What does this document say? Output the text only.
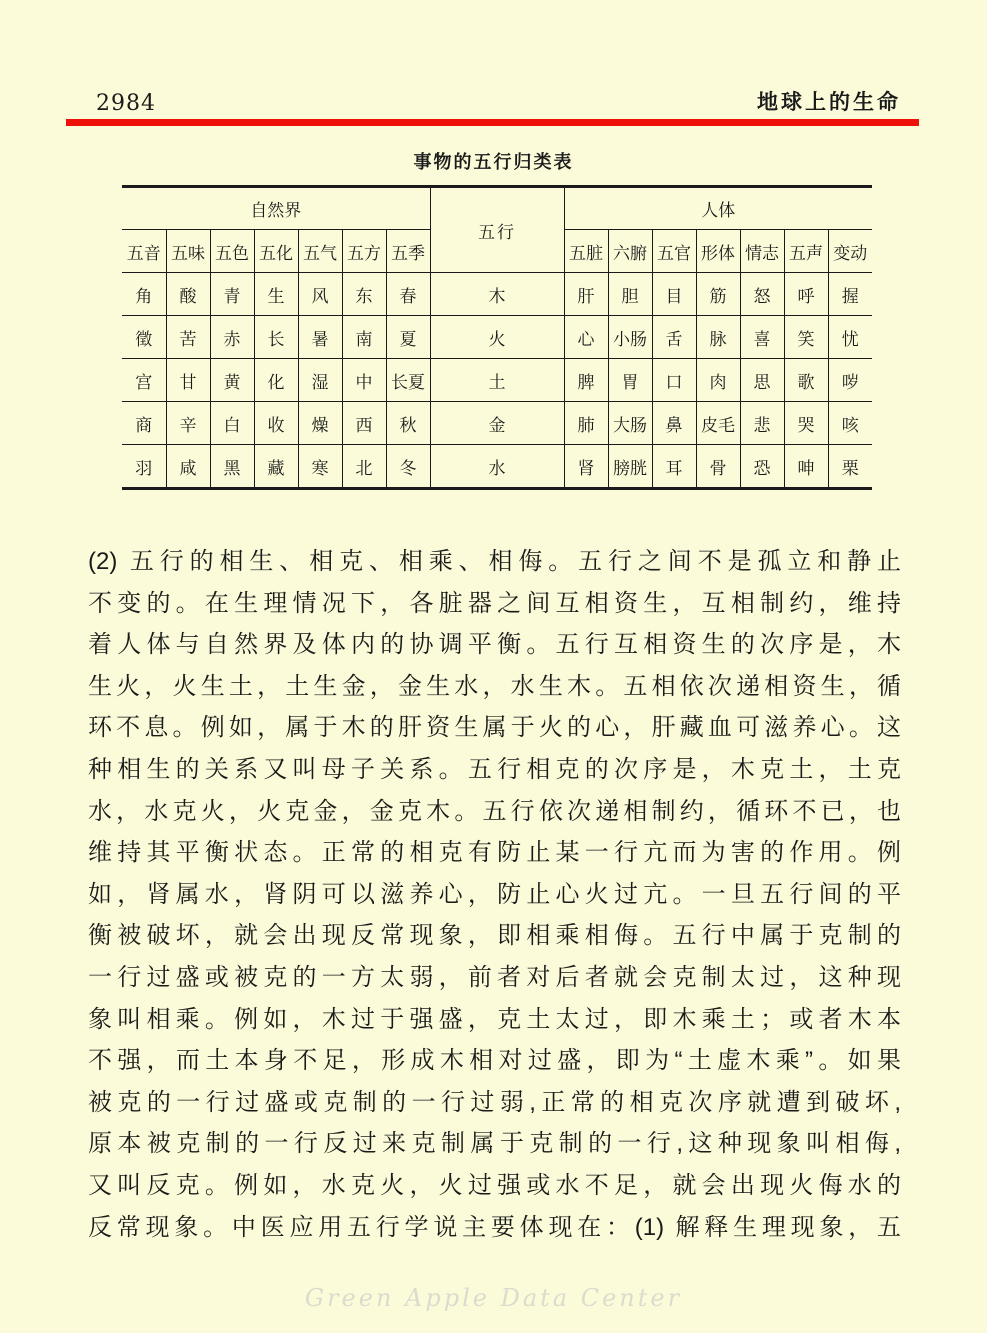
2984	地球上的生命
事物的五行归类表
自然界							五行	人体						
五音	五味	五色	五化	五气	五方	五季		五脏	六腑	五官	形体	情志	五声	变动
角	酸	青	生	风	东	春	木	肝	胆	目	筋	怒	呼	握
徵	苦	赤	长	暑	南	夏	火	心	小肠	舌	脉	喜	笑	忧
宫	甘	黄	化	湿	中	长夏	土	脾	胃	口	肉	思	歌	哕
商	辛	白	收	燥	西	秋	金	肺	大肠	鼻	皮毛	悲	哭	咳
羽	咸	黑	藏	寒	北	冬	水	肾	膀胱	耳	骨	恐	呻	栗
(2) 五行的相生、相克、相乘、相侮。五行之间不是孤立和静止
不变的。在生理情况下，各脏器之间互相资生，互相制约，维持
着人体与自然界及体内的协调平衡。五行互相资生的次序是，木
生火，火生土，土生金，金生水，水生木。五相依次递相资生，循
环不息。例如，属于木的肝资生属于火的心，肝藏血可滋养心。这
种相生的关系又叫母子关系。五行相克的次序是，木克土，土克
水，水克火，火克金，金克木。五行依次递相制约，循环不已，也
维持其平衡状态。正常的相克有防止某一行亢而为害的作用。例
如，肾属水，肾阴可以滋养心，防止心火过亢。一旦五行间的平
衡被破坏，就会出现反常现象，即相乘相侮。五行中属于克制的
一行过盛或被克的一方太弱，前者对后者就会克制太过，这种现
象叫相乘。例如，木过于强盛，克土太过，即木乘土；或者木本
不强，而土本身不足，形成木相对过盛，即为“土虚木乘”。如果
被克的一行过盛或克制的一行过弱,正常的相克次序就遭到破坏,
原本被克制的一行反过来克制属于克制的一行,这种现象叫相侮,
又叫反克。例如，水克火，火过强或水不足，就会出现火侮水的
反常现象。中医应用五行学说主要体现在：(1) 解释生理现象，五
Green Apple Data Center
